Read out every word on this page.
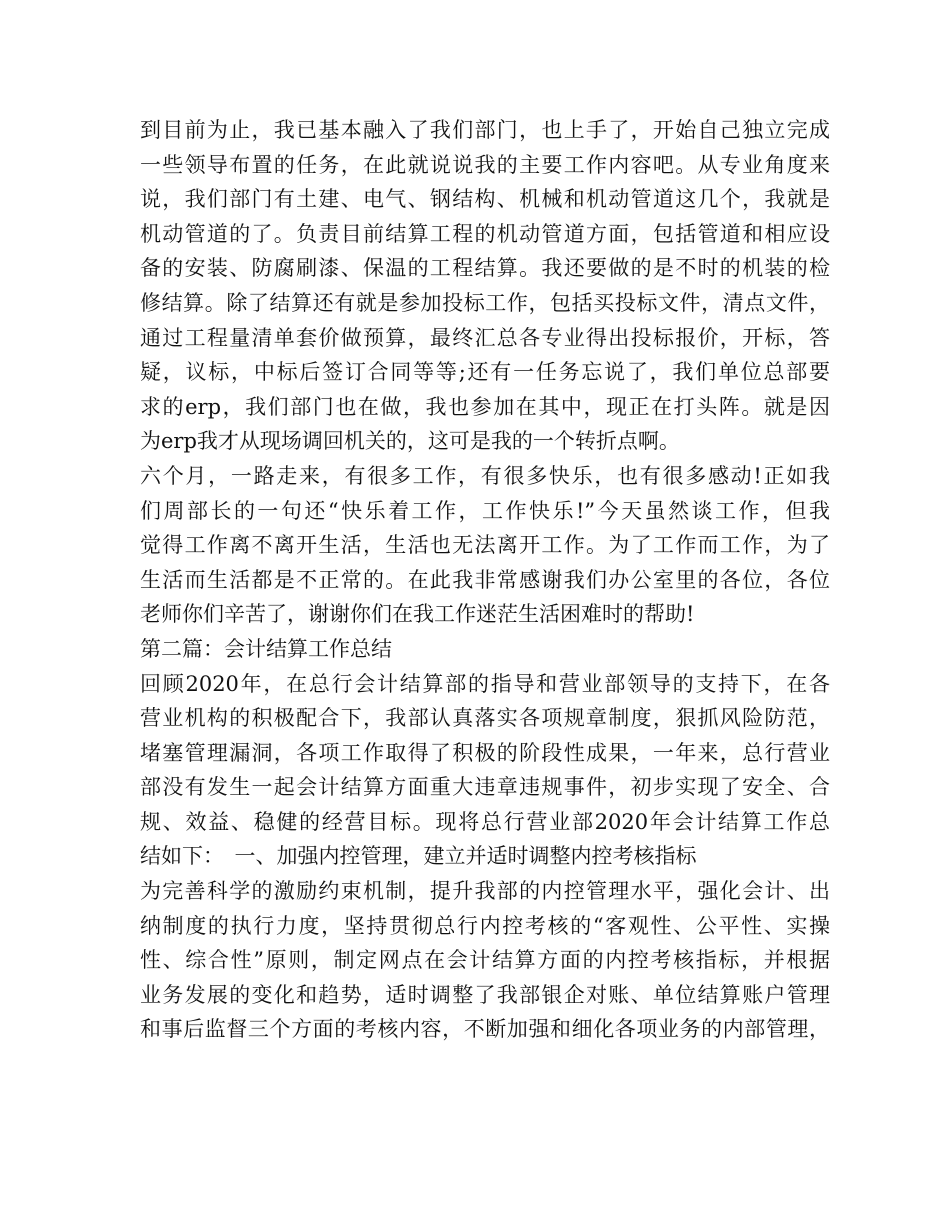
到目前为止，我已基本融入了我们部门，也上手了，开始自己独立完成
一些领导布置的任务，在此就说说我的主要工作内容吧。从专业角度来
说，我们部门有土建、电气、钢结构、机械和机动管道这几个，我就是
机动管道的了。负责目前结算工程的机动管道方面，包括管道和相应设
备的安装、防腐刷漆、保温的工程结算。我还要做的是不时的机装的检
修结算。除了结算还有就是参加投标工作，包括买投标文件，清点文件，
通过工程量清单套价做预算，最终汇总各专业得出投标报价，开标，答
疑，议标，中标后签订合同等等;还有一任务忘说了，我们单位总部要
求的erp，我们部门也在做，我也参加在其中，现正在打头阵。就是因
为erp我才从现场调回机关的，这可是我的一个转折点啊。
六个月，一路走来，有很多工作，有很多快乐，也有很多感动!正如我
们周部长的一句还“快乐着工作，工作快乐!”今天虽然谈工作，但我
觉得工作离不离开生活，生活也无法离开工作。为了工作而工作，为了
生活而生活都是不正常的。在此我非常感谢我们办公室里的各位，各位
老师你们辛苦了，谢谢你们在我工作迷茫生活困难时的帮助!
第二篇：会计结算工作总结
回顾2020年，在总行会计结算部的指导和营业部领导的支持下，在各
营业机构的积极配合下，我部认真落实各项规章制度，狠抓风险防范，
堵塞管理漏洞，各项工作取得了积极的阶段性成果，一年来，总行营业
部没有发生一起会计结算方面重大违章违规事件，初步实现了安全、合
规、效益、稳健的经营目标。现将总行营业部2020年会计结算工作总
结如下：　一、加强内控管理，建立并适时调整内控考核指标
为完善科学的激励约束机制，提升我部的内控管理水平，强化会计、出
纳制度的执行力度，坚持贯彻总行内控考核的“客观性、公平性、实操
性、综合性”原则，制定网点在会计结算方面的内控考核指标，并根据
业务发展的变化和趋势，适时调整了我部银企对账、单位结算账户管理
和事后监督三个方面的考核内容，不断加强和细化各项业务的内部管理，
